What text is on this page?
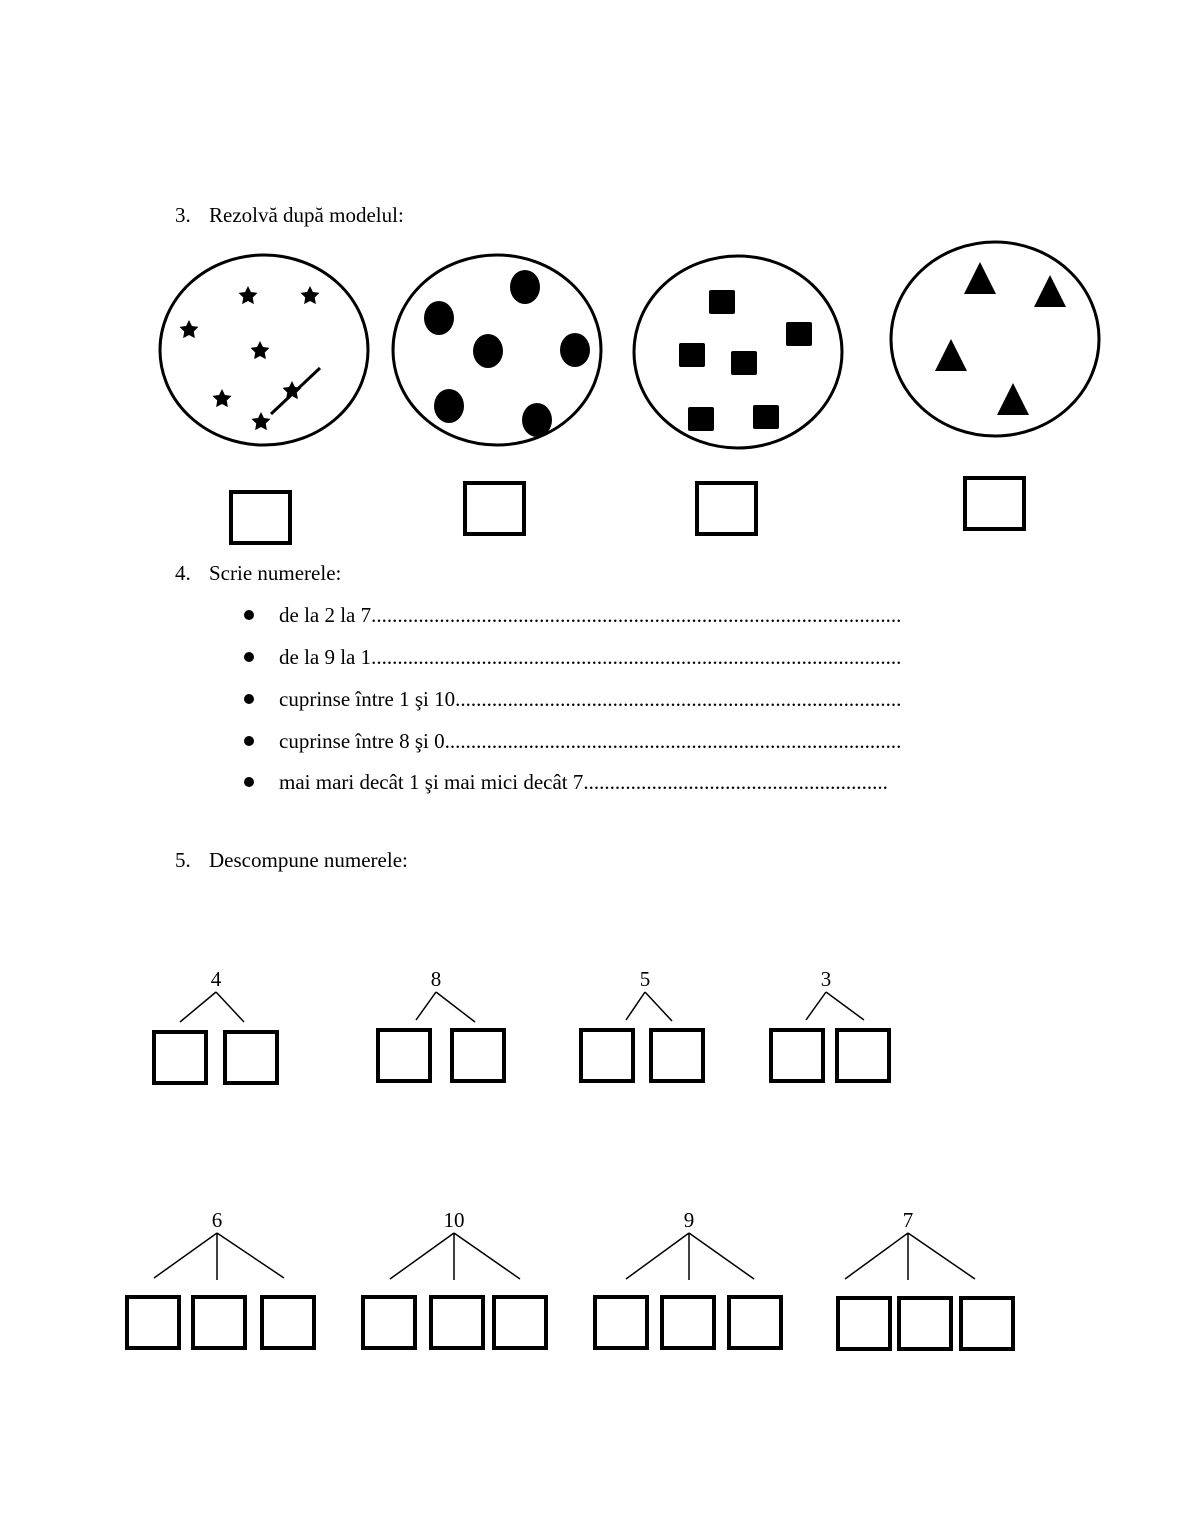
3. Rezolvă după modelul:
4	8	5	3
6	10	9	7
4. Scrie numerele:
de la 2 la 7.....................................................................................................
de la 9 la 1.....................................................................................................
cuprinse între 1 şi 10.....................................................................................
cuprinse între 8 şi 0.......................................................................................
mai mari decât 1 şi mai mici decât 7..........................................................
5. Descompune numerele:
